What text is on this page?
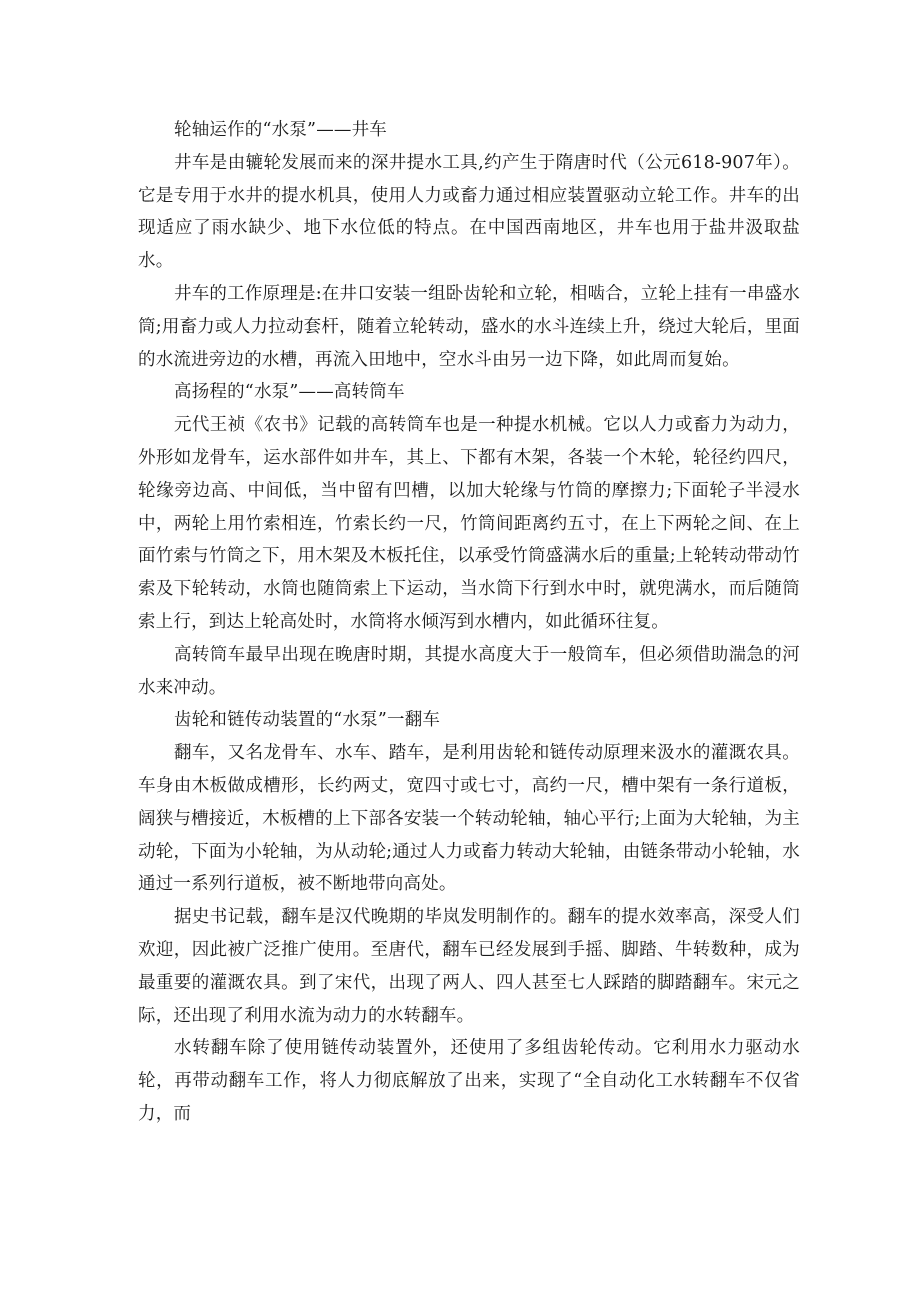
轮轴运作的“水泵”——井车

井车是由辘轮发展而来的深井提水工具,约产生于隋唐时代（公元618-907年）。它是专用于水井的提水机具，使用人力或畜力通过相应装置驱动立轮工作。井车的出现适应了雨水缺少、地下水位低的特点。在中国西南地区，井车也用于盐井汲取盐水。

井车的工作原理是:在井口安装一组卧齿轮和立轮，相啮合，立轮上挂有一串盛水筒;用畜力或人力拉动套杆，随着立轮转动，盛水的水斗连续上升，绕过大轮后，里面的水流进旁边的水槽，再流入田地中，空水斗由另一边下降，如此周而复始。

高扬程的“水泵”——高转筒车

元代王祯《农书》记载的高转筒车也是一种提水机械。它以人力或畜力为动力，外形如龙骨车，运水部件如井车，其上、下都有木架，各装一个木轮，轮径约四尺，轮缘旁边高、中间低，当中留有凹槽，以加大轮缘与竹筒的摩擦力;下面轮子半浸水中，两轮上用竹索相连，竹索长约一尺，竹筒间距离约五寸，在上下两轮之间、在上面竹索与竹筒之下，用木架及木板托住，以承受竹筒盛满水后的重量;上轮转动带动竹索及下轮转动，水筒也随筒索上下运动，当水筒下行到水中时，就兜满水，而后随筒索上行，到达上轮高处时，水筒将水倾泻到水槽内，如此循环往复。

高转筒车最早出现在晚唐时期，其提水高度大于一般筒车，但必须借助湍急的河水来冲动。

齿轮和链传动装置的“水泵”一翻车

翻车，又名龙骨车、水车、踏车，是利用齿轮和链传动原理来汲水的灌溉农具。车身由木板做成槽形，长约两丈，宽四寸或七寸，高约一尺，槽中架有一条行道板，阔狭与槽接近，木板槽的上下部各安装一个转动轮轴，轴心平行;上面为大轮轴，为主动轮，下面为小轮轴，为从动轮;通过人力或畜力转动大轮轴，由链条带动小轮轴，水通过一系列行道板，被不断地带向高处。

据史书记载，翻车是汉代晚期的毕岚发明制作的。翻车的提水效率高，深受人们欢迎，因此被广泛推广使用。至唐代，翻车已经发展到手摇、脚踏、牛转数种，成为最重要的灌溉农具。到了宋代，出现了两人、四人甚至七人踩踏的脚踏翻车。宋元之际，还出现了利用水流为动力的水转翻车。

水转翻车除了使用链传动装置外，还使用了多组齿轮传动。它利用水力驱动水轮，再带动翻车工作，将人力彻底解放了出来，实现了“全自动化工水转翻车不仅省力，而
